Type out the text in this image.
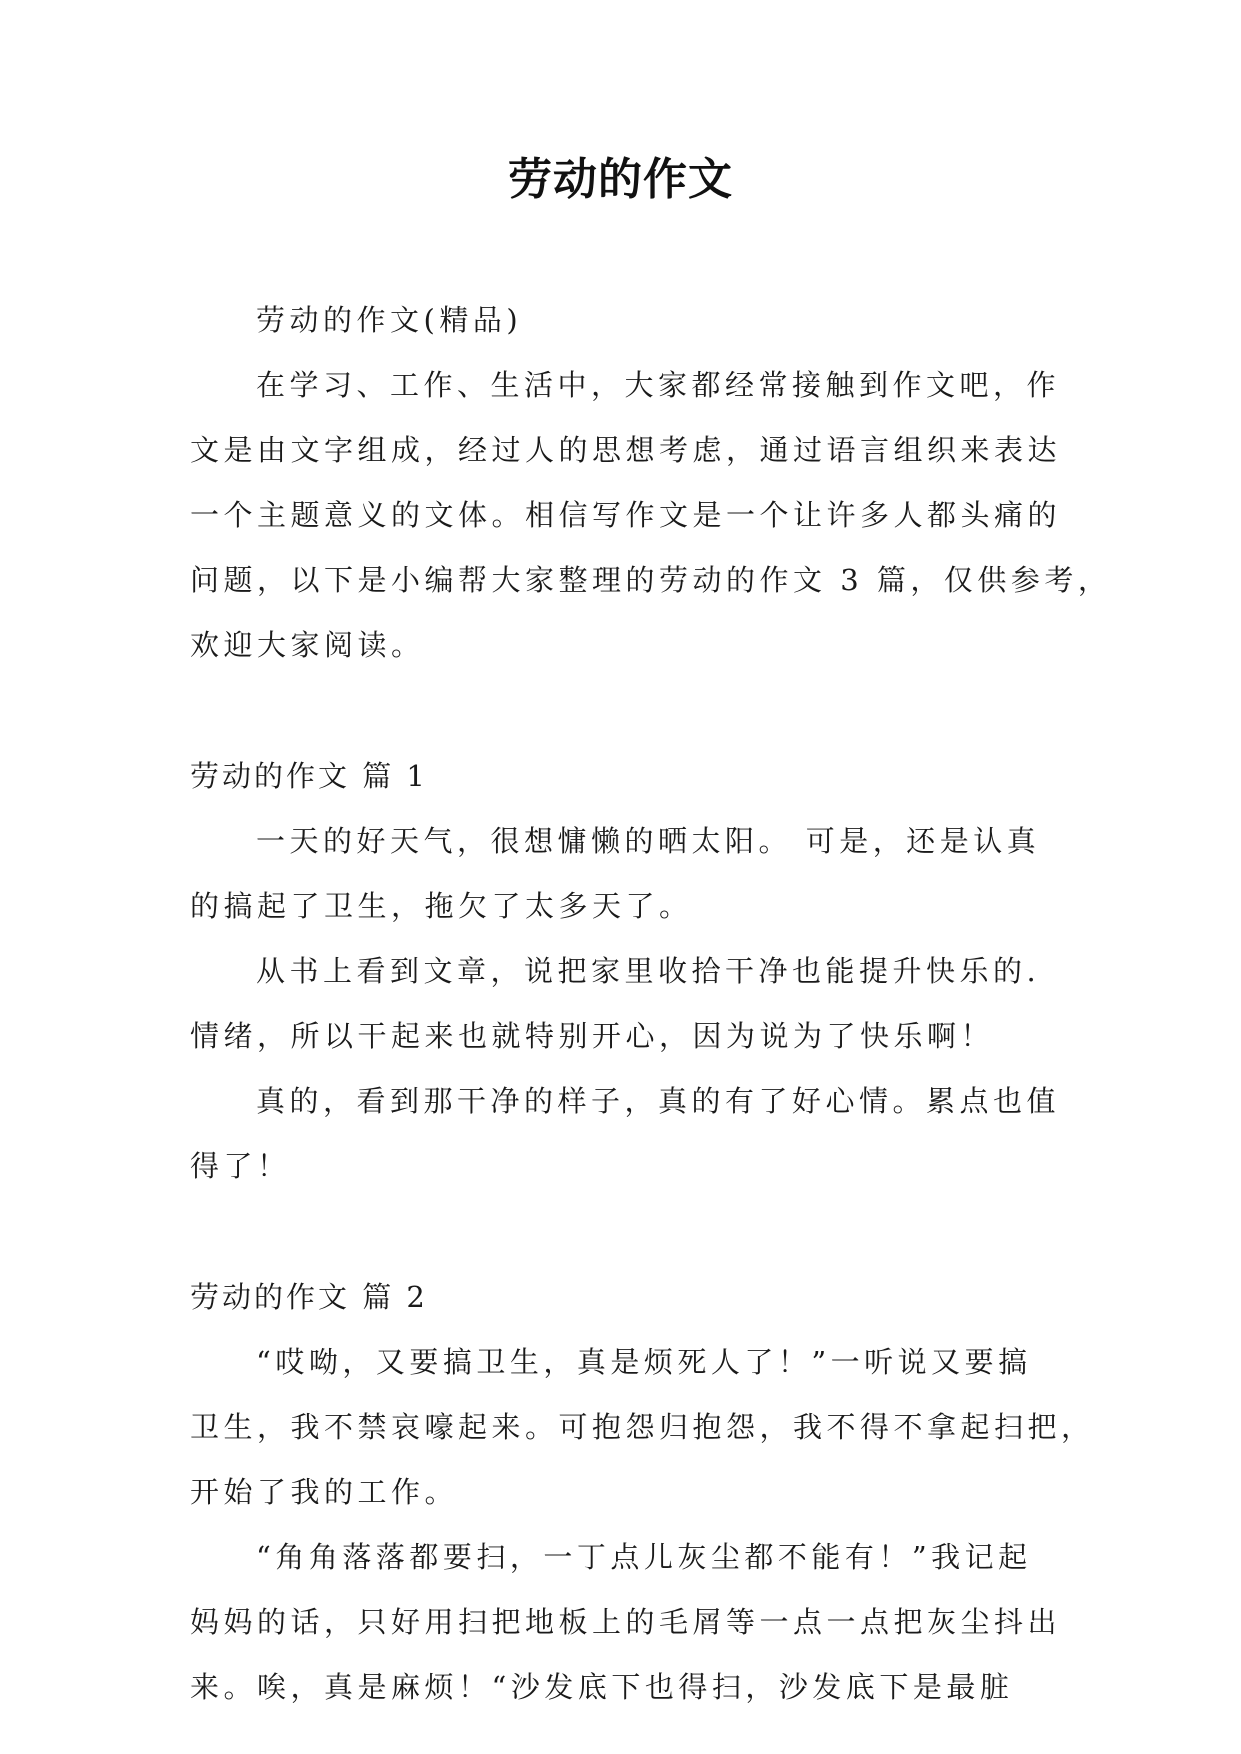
劳动的作文
劳动的作文(精品)
在学习、工作、生活中，大家都经常接触到作文吧，作
文是由文字组成，经过人的思想考虑，通过语言组织来表达
一个主题意义的文体。相信写作文是一个让许多人都头痛的
问题，以下是小编帮大家整理的劳动的作文 3 篇，仅供参考，
欢迎大家阅读。
劳动的作文 篇 1
一天的好天气，很想慵懒的晒太阳。 可是，还是认真
的搞起了卫生，拖欠了太多天了。
从书上看到文章，说把家里收拾干净也能提升快乐的.
情绪，所以干起来也就特别开心，因为说为了快乐啊！
真的，看到那干净的样子，真的有了好心情。累点也值
得了！
劳动的作文 篇 2
“哎呦，又要搞卫生，真是烦死人了！”一听说又要搞
卫生，我不禁哀嚎起来。可抱怨归抱怨，我不得不拿起扫把，
开始了我的工作。
“角角落落都要扫，一丁点儿灰尘都不能有！”我记起
妈妈的话，只好用扫把地板上的毛屑等一点一点把灰尘抖出
来。唉，真是麻烦！“沙发底下也得扫，沙发底下是最脏
